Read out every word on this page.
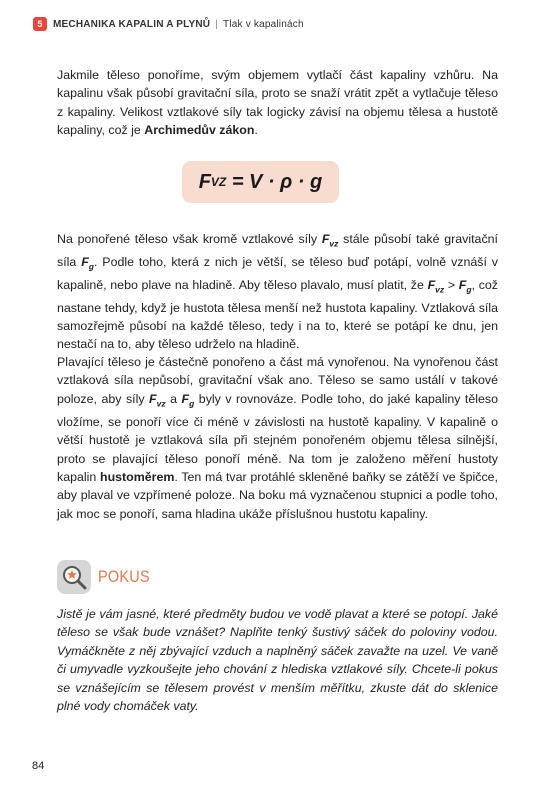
5	MECHANIKA KAPALIN A PLYNŮ | Tlak v kapalinách

Jakmile těleso ponoříme, svým objemem vytlačí část kapaliny vzhůru. Na kapalinu však působí gravitační síla, proto se snaží vrátit zpět a vytlačuje těleso z kapaliny. Velikost vztlakové síly tak logicky závisí na objemu tělesa a hustotě kapaliny, což je Archimedův zákon.

F VZ = V · ρ · g

Na ponořené těleso však kromě vztlakové síly $F_{vz}$ stále působí také gravitační síla $F_g$. Podle toho, která z nich je větší, se těleso buď potápí, volně vznáší v kapalině, nebo plave na hladině. Aby těleso plavalo, musí platit, že $F_{vz} > F_g$, což nastane tehdy, když je hustota tělesa menší než hustota kapaliny. Vztlaková síla samozřejmě působí na každé těleso, tedy i na to, které se potápí ke dnu, jen nestačí na to, aby těleso udrželo na hladině.

Plavající těleso je částečně ponořeno a část má vynořenou. Na vynořenou část vztlaková síla nepůsobí, gravitační však ano. Těleso se samo ustálí v takové poloze, aby síly $F_{vz}$ a $F_g$ byly v rovnováze. Podle toho, do jaké kapaliny těleso vložíme, se ponoří více či méně v závislosti na hustotě kapaliny. V kapalině o větší hustotě je vztlaková síla při stejném ponořeném objemu tělesa silnější, proto se plavající těleso ponoří méně. Na tom je založeno měření hustoty kapalin hustoměrem. Ten má tvar protáhlé skleněné baňky se zátěží ve špičce, aby plaval ve vzpřímené poloze. Na boku má vyznačenou stupnici a podle toho, jak moc se ponoří, sama hladina ukáže příslušnou hustotu kapaliny.

POKUS

Jistě je vám jasné, které předměty budou ve vodě plavat a které se potopí. Jaké těleso se však bude vznášet? Naplňte tenký šustivý sáček do poloviny vodou. Vymáčkněte z něj zbývající vzduch a naplněný sáček zavažte na uzel. Ve vaně či umyvadle vyzkoušejte jeho chování z hlediska vztlakové síly. Chcete-li pokus se vznášejícím se tělesem provést v menším měřítku, zkuste dát do sklenice plné vody chomáček vaty.

84
